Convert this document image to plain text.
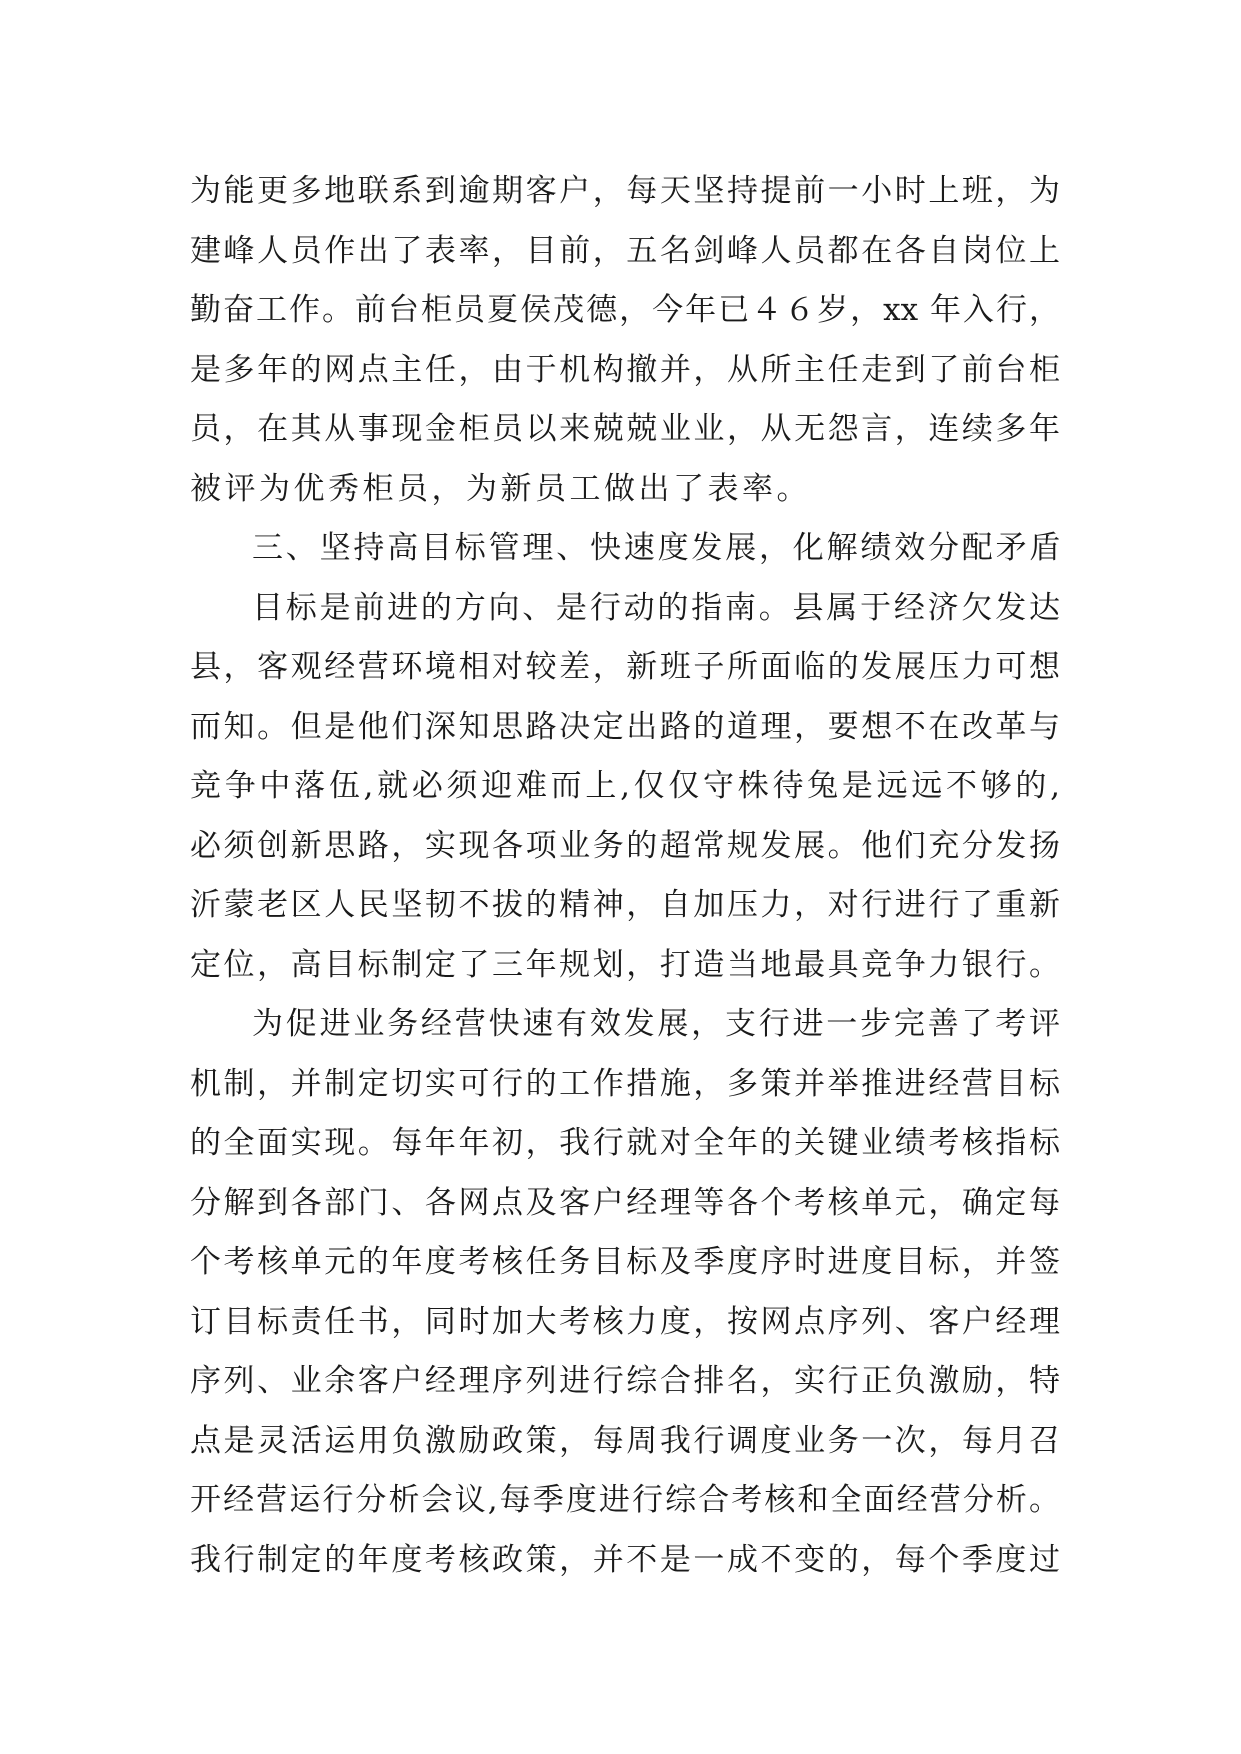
为能更多地联系到逾期客户，每天坚持提前一小时上班，为
建峰人员作出了表率，目前，五名剑峰人员都在各自岗位上
勤奋工作。前台柜员夏侯茂德，今年已４６岁，xx 年入行，
是多年的网点主任，由于机构撤并，从所主任走到了前台柜
员，在其从事现金柜员以来兢兢业业，从无怨言，连续多年
被评为优秀柜员，为新员工做出了表率。
三、坚持高目标管理、快速度发展，化解绩效分配矛盾
目标是前进的方向、是行动的指南。县属于经济欠发达
县，客观经营环境相对较差，新班子所面临的发展压力可想
而知。但是他们深知思路决定出路的道理，要想不在改革与
竞争中落伍,就必须迎难而上,仅仅守株待兔是远远不够的,
必须创新思路，实现各项业务的超常规发展。他们充分发扬
沂蒙老区人民坚韧不拔的精神，自加压力，对行进行了重新
定位，高目标制定了三年规划，打造当地最具竞争力银行。
为促进业务经营快速有效发展，支行进一步完善了考评
机制，并制定切实可行的工作措施，多策并举推进经营目标
的全面实现。每年年初，我行就对全年的关键业绩考核指标
分解到各部门、各网点及客户经理等各个考核单元，确定每
个考核单元的年度考核任务目标及季度序时进度目标，并签
订目标责任书，同时加大考核力度，按网点序列、客户经理
序列、业余客户经理序列进行综合排名，实行正负激励，特
点是灵活运用负激励政策，每周我行调度业务一次，每月召
开经营运行分析会议,每季度进行综合考核和全面经营分析。
我行制定的年度考核政策，并不是一成不变的，每个季度过
